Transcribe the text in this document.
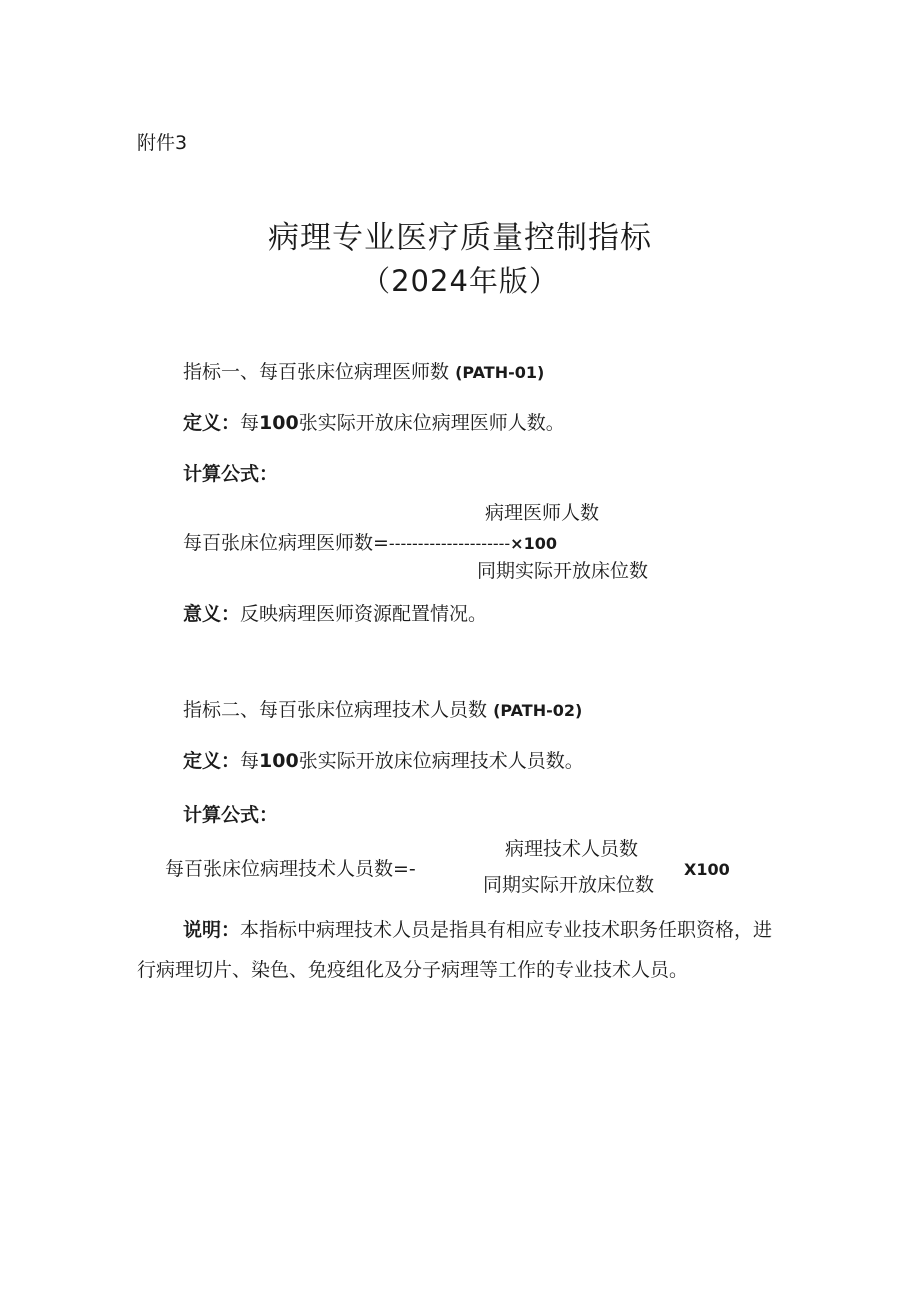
附件3
病理专业医疗质量控制指标
（2024年版）
指标一、每百张床位病理医师数 (PATH-01)
定义：每100张实际开放床位病理医师人数。
计算公式：
病理医师人数
每百张床位病理医师数=---------------------×100
同期实际开放床位数
意义：反映病理医师资源配置情况。
指标二、每百张床位病理技术人员数 (PATH-02)
定义：每100张实际开放床位病理技术人员数。
计算公式：
病理技术人员数
每百张床位病理技术人员数=-
同期实际开放床位数
X100
说明：本指标中病理技术人员是指具有相应专业技术职务任职资格，进行病理切片、染色、免疫组化及分子病理等工作的专业技术人员。
